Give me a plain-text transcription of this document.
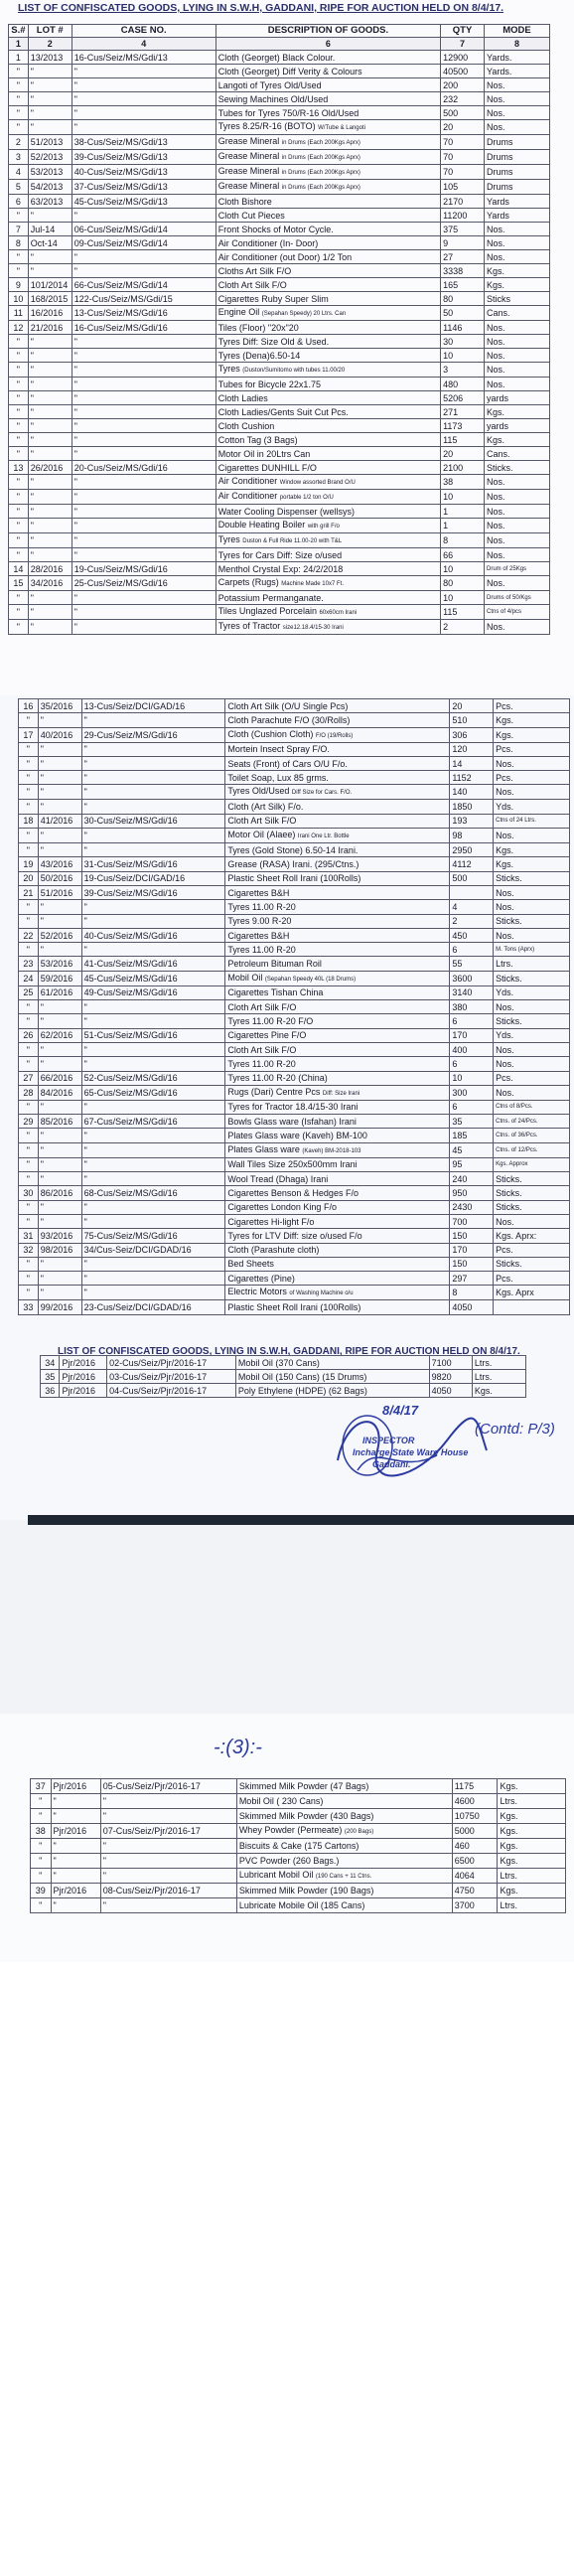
LIST OF CONFISCATED GOODS, LYING IN S.W.H, GADDANI, RIPE FOR AUCTION HELD ON 8/4/17.
S.#	LOT #	CASE NO.	DESCRIPTION OF GOODS.	QTY	MODE
1	2	4	6	7	8
1	13/2013	16-Cus/Seiz/MS/Gdi/13	Cloth (Georget) Black Colour.	12900	Yards.
"	"	"	Cloth (Georget) Diff Verity & Colours	40500	Yards.
"	"	"	Langoti of Tyres Old/Used	200	Nos.
"	"	"	Sewing Machines Old/Used	232	Nos.
"	"	"	Tubes for Tyres 750/R-16 Old/Used	500	Nos.
"	"	"	Tyres 8.25/R-16 (BOTO) W/Tube & Langoti	20	Nos.
2	51/2013	38-Cus/Seiz/MS/Gdi/13	Grease Mineral in Drums (Each 200Kgs Aprx)	70	Drums
3	52/2013	39-Cus/Seiz/MS/Gdi/13	Grease Mineral in Drums (Each 200Kgs Aprx)	70	Drums
4	53/2013	40-Cus/Seiz/MS/Gdi/13	Grease Mineral in Drums (Each 200Kgs Aprx)	70	Drums
5	54/2013	37-Cus/Seiz/MS/Gdi/13	Grease Mineral in Drums (Each 200Kgs Aprx)	105	Drums
6	63/2013	45-Cus/Seiz/MS/Gdi/13	Cloth Bishore	2170	Yards
"	"	"	Cloth Cut Pieces	11200	Yards
7	Jul-14	06-Cus/Seiz/MS/Gdi/14	Front Shocks of Motor Cycle.	375	Nos.
8	Oct-14	09-Cus/Seiz/MS/Gdi/14	Air Conditioner (In- Door)	9	Nos.
"	"	"	Air Conditioner (out Door) 1/2 Ton	27	Nos.
"	"	"	Cloths Art Silk F/O	3338	Kgs.
9	101/2014	66-Cus/Seiz/MS/Gdi/14	Cloth Art Silk F/O	165	Kgs.
10	168/2015	122-Cus/Seiz/MS/Gdi/15	Cigarettes Ruby Super Slim	80	Sticks
11	16/2016	13-Cus/Seiz/MS/Gdi/16	Engine Oil (Sepahan Speedy) 20 Ltrs. Can	50	Cans.
12	21/2016	16-Cus/Seiz/MS/Gdi/16	Tiles (Floor) "20x"20	1146	Nos.
"	"	"	Tyres Diff: Size Old & Used.	30	Nos.
"	"	"	Tyres (Dena)6.50-14	10	Nos.
"	"	"	Tyres (Duston/Sumitomo with tubes 11.00/20	3	Nos.
"	"	"	Tubes for Bicycle 22x1.75	480	Nos.
"	"	"	Cloth Ladies	5206	yards
"	"	"	Cloth Ladies/Gents Suit Cut Pcs.	271	Kgs.
"	"	"	Cloth Cushion	1173	yards
"	"	"	Cotton Tag (3 Bags)	115	Kgs.
"	"	"	Motor Oil in 20Ltrs Can	20	Cans.
13	26/2016	20-Cus/Seiz/MS/Gdi/16	Cigarettes DUNHILL F/O	2100	Sticks.
"	"	"	Air Conditioner Window assorted Brand O/U	38	Nos.
"	"	"	Air Conditioner portable 1/2 ton O/U	10	Nos.
"	"	"	Water Cooling Dispenser (wellsys)	1	Nos.
"	"	"	Double Heating Boiler with grill F/o	1	Nos.
"	"	"	Tyres Duston & Full Ride 11.00-20 with T&L	8	Nos.
"	"	"	Tyres for Cars Diff: Size o/used	66	Nos.
14	28/2016	19-Cus/Seiz/MS/Gdi/16	Menthol Crystal Exp: 24/2/2018	10	Drum of 25Kgs
15	34/2016	25-Cus/Seiz/MS/Gdi/16	Carpets (Rugs) Machine Made 10x7 Ft.	80	Nos.
"	"	"	Potassium Permanganate.	10	Drums of 50/Kgs
"	"	"	Tiles Unglazed Porcelain 60x60cm Irani	115	Ctns of 4/pcs
"	"	"	Tyres of Tractor size12.18.4/15-30 Irani	2	Nos.
16	35/2016	13-Cus/Seiz/DCI/GAD/16	Cloth Art Silk (O/U Single Pcs)	20	Pcs.
"	"	"	Cloth Parachute F/O (30/Rolls)	510	Kgs.
17	40/2016	29-Cus/Seiz/MS/Gdi/16	Cloth (Cushion Cloth) F/O (19/Rolls)	306	Kgs.
"	"	"	Mortein Insect Spray F/O.	120	Pcs.
"	"	"	Seats (Front) of Cars O/U F/o.	14	Nos.
"	"	"	Toilet Soap, Lux 85 grms.	1152	Pcs.
"	"	"	Tyres Old/Used Diff Size for Cars. F/O.	140	Nos.
"	"	"	Cloth (Art Silk) F/o.	1850	Yds.
18	41/2016	30-Cus/Seiz/MS/Gdi/16	Cloth Art Silk F/O	193	Ctns of 24 Ltrs.
"	"	"	Motor Oil (Alaee) Irani One Ltr. Bottle	98	Nos.
"	"	"	Tyres (Gold Stone) 6.50-14 Irani.	2950	Kgs.
19	43/2016	31-Cus/Seiz/MS/Gdi/16	Grease (RASA) Irani. (295/Ctns.)	4112	Kgs.
20	50/2016	19-Cus/Seiz/DCI/GAD/16	Plastic Sheet Roll Irani (100Rolls)	500	Sticks.
21	51/2016	39-Cus/Seiz/MS/Gdi/16	Cigarettes B&H		Nos.
"	"	"	Tyres 11.00 R-20	4	Nos.
"	"	"	Tyres 9.00 R-20	2	Sticks.
22	52/2016	40-Cus/Seiz/MS/Gdi/16	Cigarettes B&H	450	Nos.
"	"	"	Tyres 11.00 R-20	6	M. Tons (Aprx)
23	53/2016	41-Cus/Seiz/MS/Gdi/16	Petroleum Bituman Roil	55	Ltrs.
24	59/2016	45-Cus/Seiz/MS/Gdi/16	Mobil Oil (Sepahan Speedy 40L (18 Drums)	3600	Sticks.
25	61/2016	49-Cus/Seiz/MS/Gdi/16	Cigarettes Tishan China	3140	Yds.
"	"	"	Cloth Art Silk F/O	380	Nos.
"	"	"	Tyres 11.00 R-20 F/O	6	Sticks.
26	62/2016	51-Cus/Seiz/MS/Gdi/16	Cigarettes Pine F/O	170	Yds.
"	"	"	Cloth Art Silk F/O	400	Nos.
"	"	"	Tyres 11.00 R-20	6	Nos.
27	66/2016	52-Cus/Seiz/MS/Gdi/16	Tyres 11.00 R-20 (China)	10	Pcs.
28	84/2016	65-Cus/Seiz/MS/Gdi/16	Rugs (Dari) Centre Pcs Diff: Size Irani	300	Nos.
"	"	"	Tyres for Tractor 18.4/15-30 Irani	6	Ctns of 8/Pcs.
29	85/2016	67-Cus/Seiz/MS/Gdi/16	Bowls Glass ware (Isfahan) Irani	35	Ctns. of 24/Pcs.
"	"	"	Plates Glass ware (Kaveh) BM-100	185	Ctns. of 36/Pcs.
"	"	"	Plates Glass ware (Kaveh) BM-2018-103	45	Ctns. of 12/Pcs.
"	"	"	Wall Tiles Size 250x500mm Irani	95	Kgs. Approx
"	"	"	Wool Tread (Dhaga) Irani	240	Sticks.
30	86/2016	68-Cus/Seiz/MS/Gdi/16	Cigarettes Benson & Hedges F/o	950	Sticks.
"	"	"	Cigarettes London King F/o	2430	Sticks.
"	"	"	Cigarettes Hi-light F/o	700	Nos.
31	93/2016	75-Cus/Seiz/MS/Gdi/16	Tyres for LTV Diff: size o/used F/o	150	Kgs. Aprx:
32	98/2016	34/Cus-Seiz/DCI/GDAD/16	Cloth (Parashute cloth)	170	Pcs.
"	"	"	Bed Sheets	150	Sticks.
"	"	"	Cigarettes (Pine)	297	Pcs.
"	"	"	Electric Motors of Washing Machine o/u	8	Kgs. Aprx
33	99/2016	23-Cus/Seiz/DCI/GDAD/16	Plastic Sheet Roll Irani (100Rolls)	4050	
LIST OF CONFISCATED GOODS, LYING IN S.W.H, GADDANI, RIPE FOR AUCTION HELD ON 8/4/17.
34	Pjr/2016	02-Cus/Seiz/Pjr/2016-17	Mobil Oil (370 Cans)	7100	Ltrs.
35	Pjr/2016	03-Cus/Seiz/Pjr/2016-17	Mobil Oil (150 Cans) (15 Drums)	9820	Ltrs.
36	Pjr/2016	04-Cus/Seiz/Pjr/2016-17	Poly Ethylene (HDPE) (62 Bags)	4050	Kgs.
8/4/17
INSPECTOR
Incharge State Ware House
Gaddani.
(Contd: P/3)
-:(3):-
37	Pjr/2016	05-Cus/Seiz/Pjr/2016-17	Skimmed Milk Powder (47 Bags)	1175	Kgs.
"	"	"	Mobil Oil ( 230 Cans)	4600	Ltrs.
"	"	"	Skimmed Milk Powder (430 Bags)	10750	Kgs.
38	Pjr/2016	07-Cus/Seiz/Pjr/2016-17	Whey Powder (Permeate) (200 Bags)	5000	Kgs.
"	"	"	Biscuits & Cake (175 Cartons)	460	Kgs.
"	"	"	PVC Powder (260 Bags.)	6500	Kgs.
"	"	"	Lubricant Mobil Oil (190 Cans + 11 Ctns.	4064	Ltrs.
39	Pjr/2016	08-Cus/Seiz/Pjr/2016-17	Skimmed Milk Powder (190 Bags)	4750	Kgs.
"	"	"	Lubricate Mobile Oil (185 Cans)	3700	Ltrs.
